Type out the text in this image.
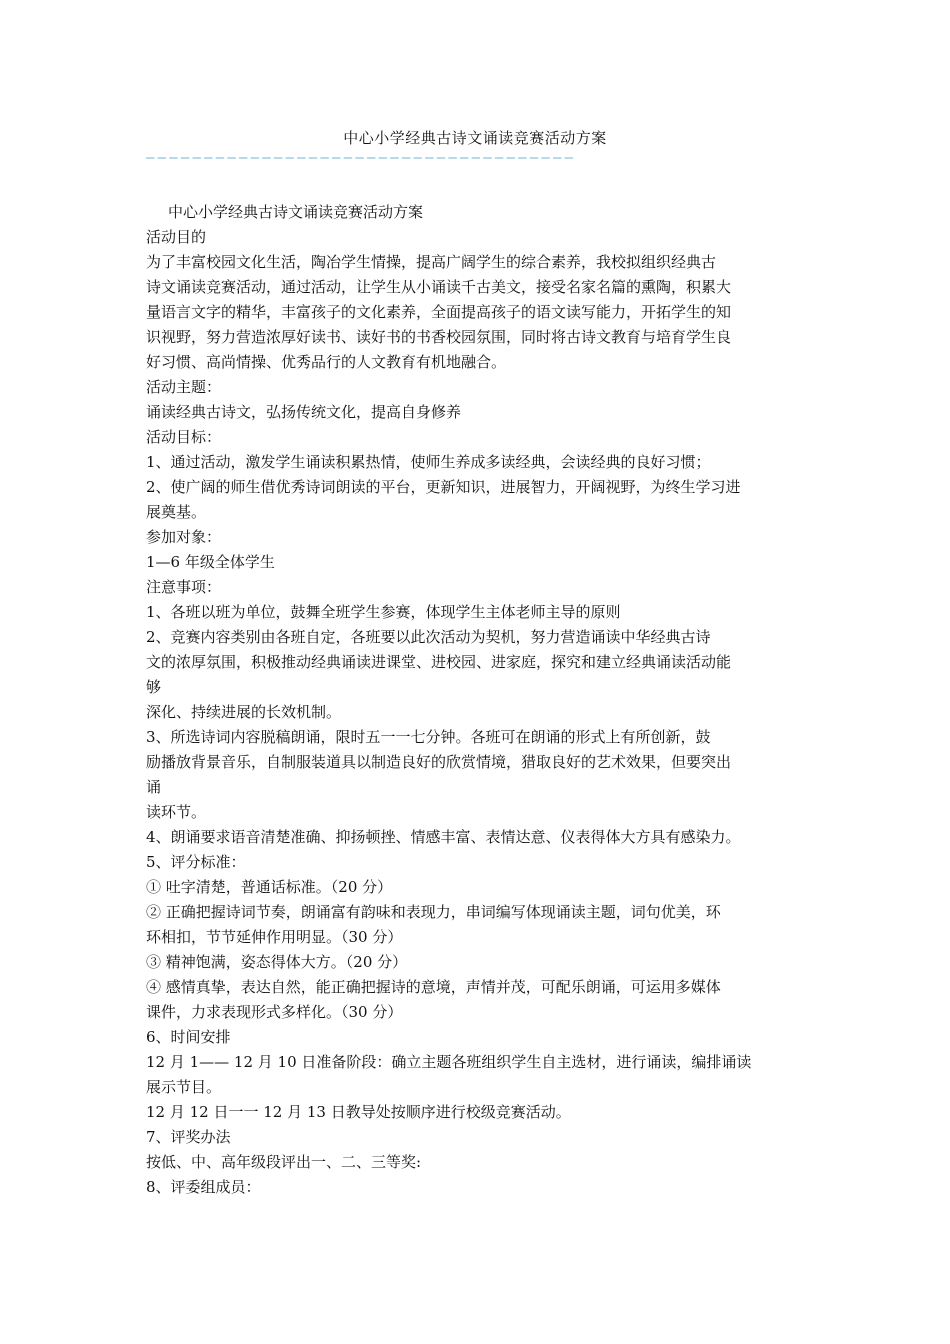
中心小学经典古诗文诵读竞赛活动方案
—————————————————————————————————————
中心小学经典古诗文诵读竞赛活动方案
活动目的
为了丰富校园文化生活，陶冶学生情操，提高广阔学生的综合素养，我校拟组织经典古
诗文诵读竞赛活动，通过活动，让学生从小诵读千古美文，接受名家名篇的熏陶，积累大
量语言文字的精华，丰富孩子的文化素养，全面提高孩子的语文读写能力，开拓学生的知
识视野，努力营造浓厚好读书、读好书的书香校园氛围，同时将古诗文教育与培育学生良
好习惯、高尚情操、优秀品行的人文教育有机地融合。
活动主题：
诵读经典古诗文，弘扬传统文化，提高自身修养
活动目标：
1、通过活动，激发学生诵读积累热情，使师生养成多读经典，会读经典的良好习惯；
2、使广阔的师生借优秀诗词朗读的平台，更新知识，进展智力，开阔视野，为终生学习进
展奠基。
参加对象：
1—6 年级全体学生
注意事项：
1、各班以班为单位，鼓舞全班学生参赛，体现学生主体老师主导的原则
2、竞赛内容类别由各班自定，各班要以此次活动为契机，努力营造诵读中华经典古诗
文的浓厚氛围，积极推动经典诵读进课堂、进校园、进家庭，探究和建立经典诵读活动能
够
深化、持续进展的长效机制。
3、所选诗词内容脱稿朗诵，限时五一一七分钟。各班可在朗诵的形式上有所创新，鼓
励播放背景音乐，自制服装道具以制造良好的欣赏情境，猎取良好的艺术效果，但要突出
诵
读环节。
4、朗诵要求语音清楚准确、抑扬顿挫、情感丰富、表情达意、仪表得体大方具有感染力。
5、评分标准：
① 吐字清楚，普通话标准。（20 分）
② 正确把握诗词节奏，朗诵富有韵味和表现力，串词编写体现诵读主题，词句优美，环
环相扣，节节延伸作用明显。（30 分）
③ 精神饱满，姿态得体大方。（20 分）
④ 感情真挚，表达自然，能正确把握诗的意境，声情并茂，可配乐朗诵，可运用多媒体
课件，力求表现形式多样化。（30 分）
6、时间安排
12 月 1—— 12 月 10 日准备阶段：确立主题各班组织学生自主选材，进行诵读，编排诵读
展示节目。
12 月 12 日一一 12 月 13 日教导处按顺序进行校级竞赛活动。
7、评奖办法
按低、中、高年级段评出一、二、三等奖:
8、评委组成员：
